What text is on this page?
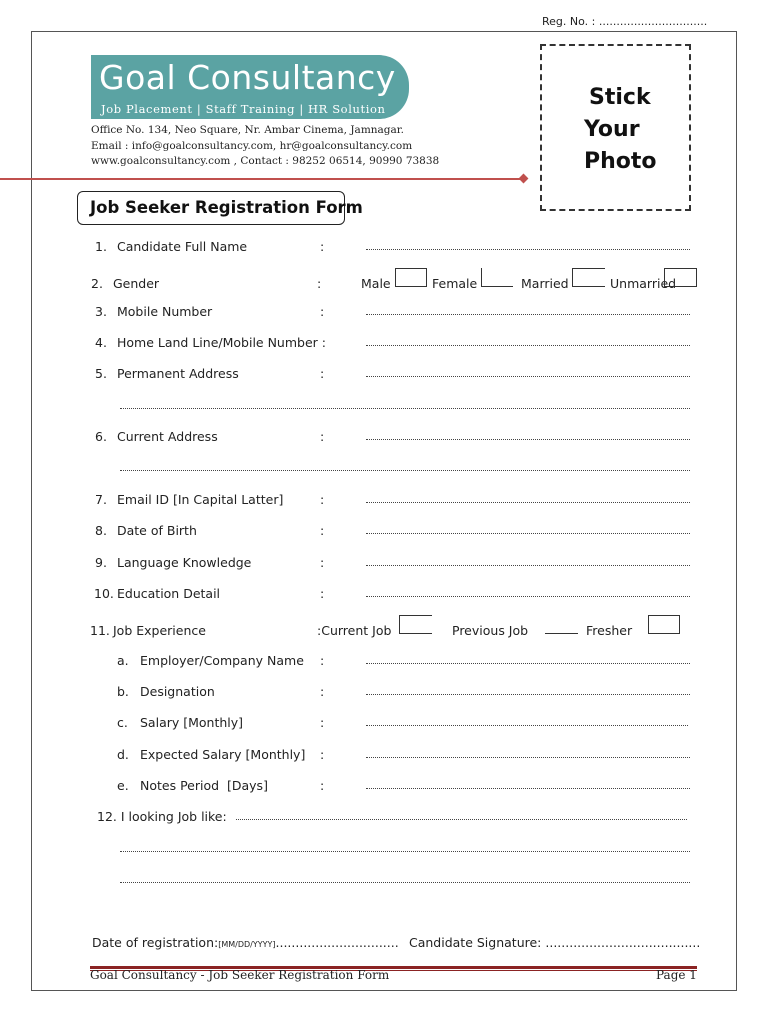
Reg. No. : ...............................
Goal Consultancy
Job Placement | Staff Training | HR Solution
Office No. 134, Neo Square, Nr. Ambar Cinema, Jamnagar.
Email : info@goalconsultancy.com, hr@goalconsultancy.com
www.goalconsultancy.com , Contact : 98252 06514, 90990 73838
Stick
Your
Photo
Job Seeker Registration Form
1. Candidate Full Name	:
2. Gender	:	Male	Female	Married	Unmarried
3. Mobile Number	:
4. Home Land Line/Mobile Number :
5. Permanent Address	:
6. Current Address	:
7. Email ID [In Capital Latter]	:
8. Date of Birth	:
9. Language Knowledge	:
10. Education Detail	:
11. Job Experience	:Current Job	Previous Job	Fresher
a. Employer/Company Name :
b. Designation	:
c. Salary [Monthly]	:
d. Expected Salary [Monthly] :
e. Notes Period  [Days]	:
12. I looking Job like:
Date of registration:[MM/DD/YYYY]............................... Candidate Signature: .......................................
Goal Consultancy - Job Seeker Registration Form	Page 1
